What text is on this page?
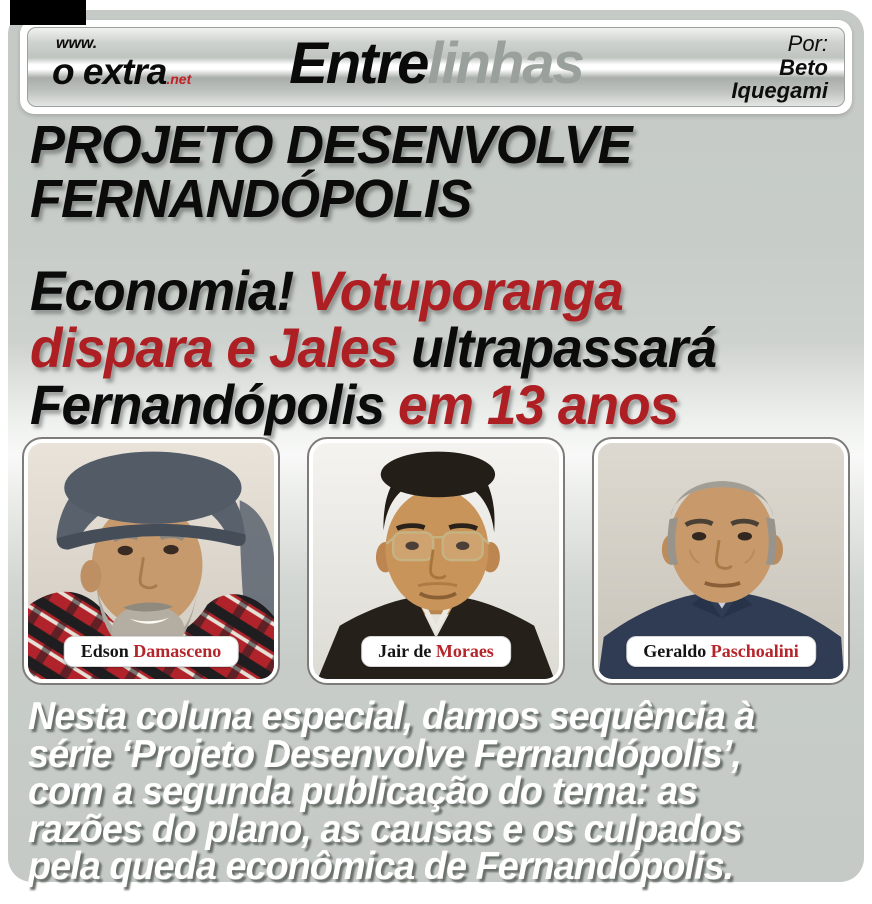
www.
o extra.net	Entrelinhas	Por:
Beto
Iquegami
PROJETO DESENVOLVE
FERNANDÓPOLIS
Economia! Votuporanga
dispara e Jales ultrapassará
Fernandópolis em 13 anos
Edson Damasceno	Jair de Moraes	Geraldo Paschoalini
Nesta coluna especial, damos sequência à
série ‘Projeto Desenvolve Fernandópolis’,
com a segunda publicação do tema: as
razões do plano, as causas e os culpados
pela queda econômica de Fernandópolis.
